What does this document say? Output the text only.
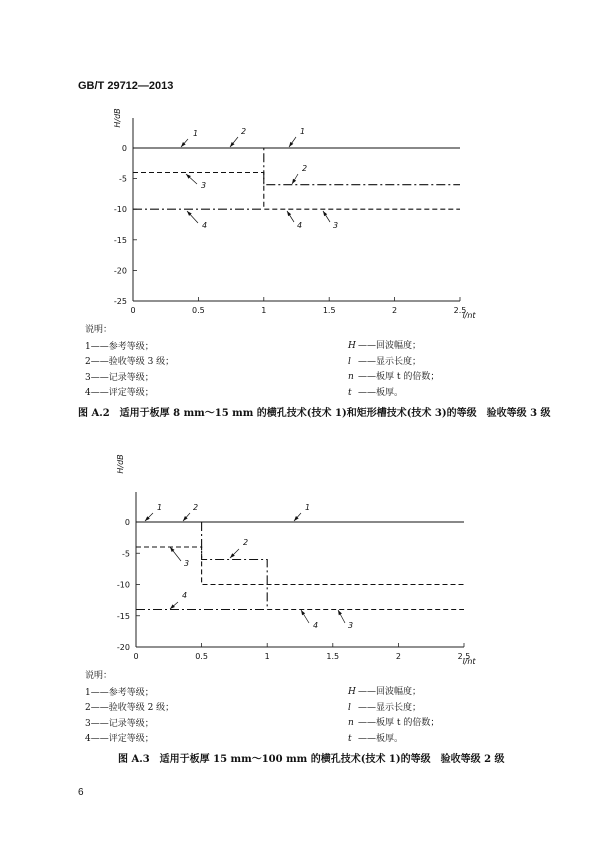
GB/T 29712—2013
0
-5
-10
-15
-20
-25
0	0.5	1	1.5	2	2.5
H/dB
l/nt
1	2	1
2
3
4	4	3
0
-5
-10
-15
-20
0	0.5	1	1.5	2	2.5
H/dB
l/nt
1	2	1
2
3
4
4	3
说明：
1——参考等级；
2——验收等级 3 级；
3——记录等级；
4——评定等级；
H ——回波幅度；
l ——显示长度；
n ——板厚 t 的倍数；
t ——板厚。
图 A.2　适用于板厚 8 mm～15 mm 的横孔技术(技术 1)和矩形槽技术(技术 3)的等级　验收等级 3 级
说明：
1——参考等级；
2——验收等级 2 级；
3——记录等级；
4——评定等级；
H ——回波幅度；
l ——显示长度；
n ——板厚 t 的倍数；
t ——板厚。
图 A.3　适用于板厚 15 mm～100 mm 的横孔技术(技术 1)的等级　验收等级 2 级
6
